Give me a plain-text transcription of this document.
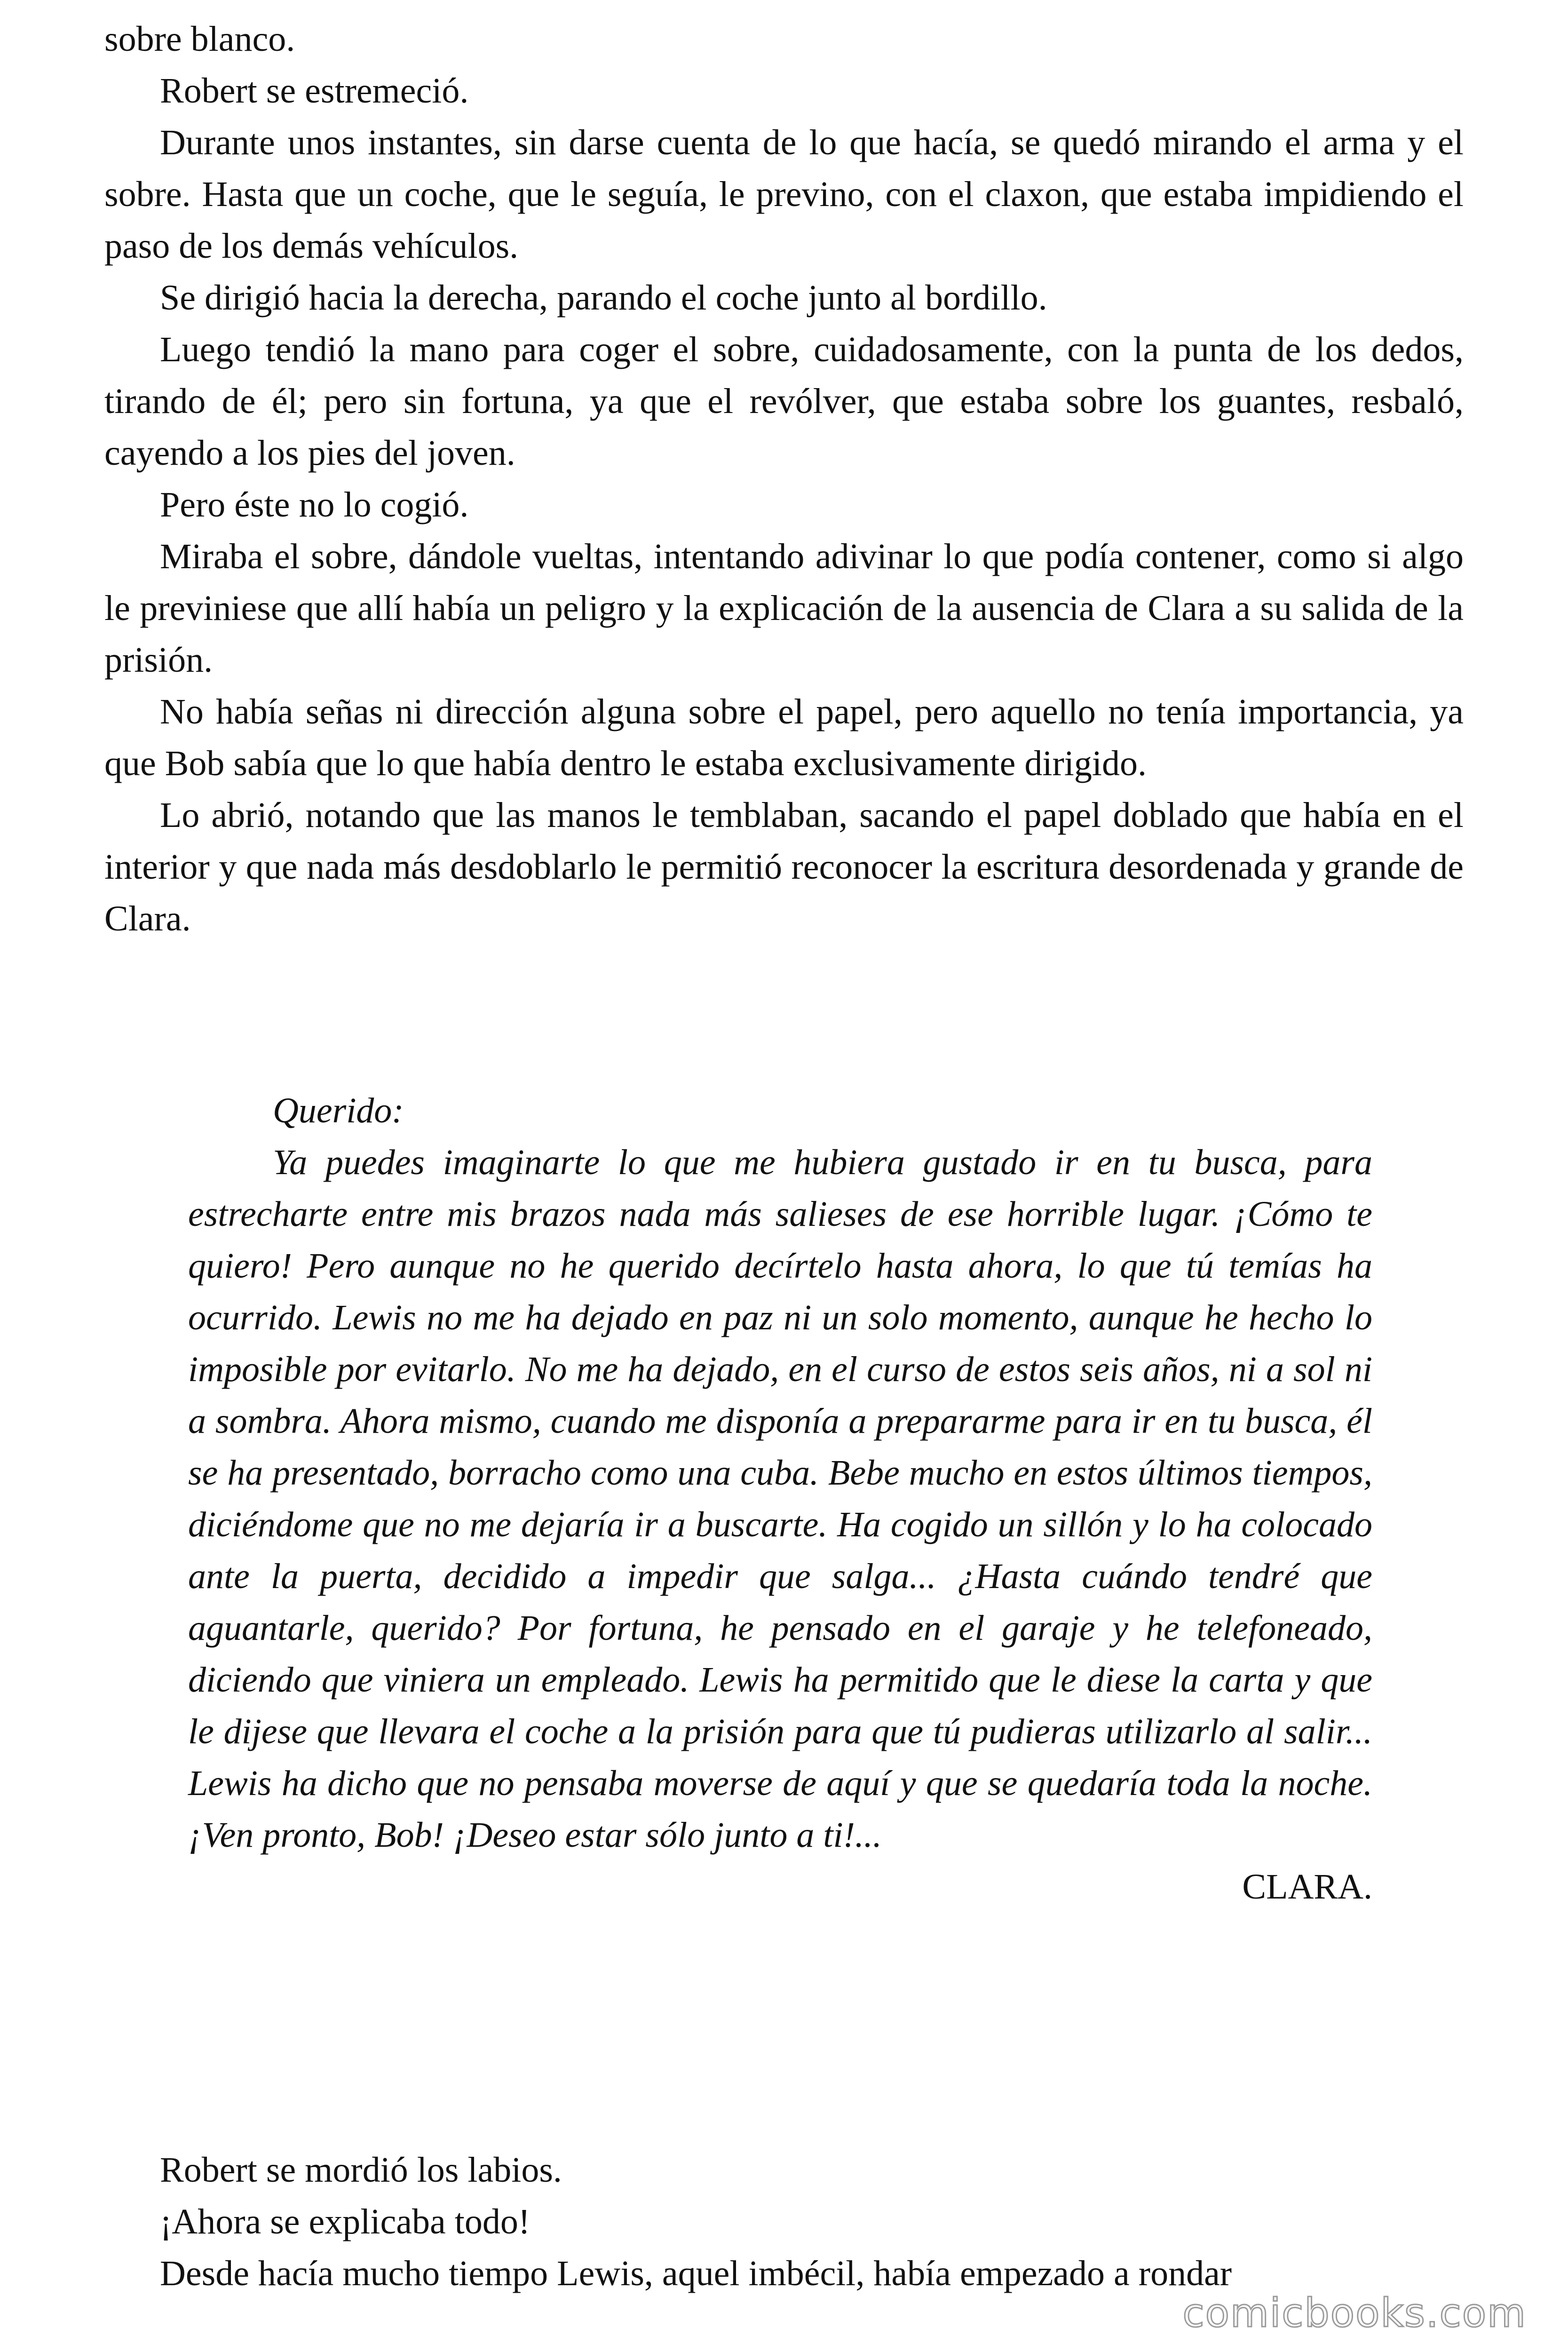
sobre blanco.

Robert se estremeció.

Durante unos instantes, sin darse cuenta de lo que hacía, se quedó mirando el arma y el sobre. Hasta que un coche, que le seguía, le previno, con el claxon, que estaba impidiendo el paso de los demás vehículos.

Se dirigió hacia la derecha, parando el coche junto al bordillo.

Luego tendió la mano para coger el sobre, cuidadosamente, con la punta de los dedos, tirando de él; pero sin fortuna, ya que el revólver, que estaba sobre los guantes, resbaló, cayendo a los pies del joven.

Pero éste no lo cogió.

Miraba el sobre, dándole vueltas, intentando adivinar lo que podía contener, como si algo le previniese que allí había un peligro y la explicación de la ausencia de Clara a su salida de la prisión.

No había señas ni dirección alguna sobre el papel, pero aquello no tenía importancia, ya que Bob sabía que lo que había dentro le estaba exclusivamente dirigido.

Lo abrió, notando que las manos le temblaban, sacando el papel doblado que había en el interior y que nada más desdoblarlo le permitió reconocer la escritura desordenada y grande de Clara.

Querido:

Ya puedes imaginarte lo que me hubiera gustado ir en tu busca, para estrecharte entre mis brazos nada más salieses de ese horrible lugar. ¡Cómo te quiero! Pero aunque no he querido decírtelo hasta ahora, lo que tú temías ha ocurrido. Lewis no me ha dejado en paz ni un solo momento, aunque he hecho lo imposible por evitarlo. No me ha dejado, en el curso de estos seis años, ni a sol ni a sombra. Ahora mismo, cuando me disponía a prepararme para ir en tu busca, él se ha presentado, borracho como una cuba. Bebe mucho en estos últimos tiempos, diciéndome que no me dejaría ir a buscarte. Ha cogido un sillón y lo ha colocado ante la puerta, decidido a impedir que salga... ¿Hasta cuándo tendré que aguantarle, querido? Por fortuna, he pensado en el garaje y he telefoneado, diciendo que viniera un empleado. Lewis ha permitido que le diese la carta y que le dijese que llevara el coche a la prisión para que tú pudieras utilizarlo al salir... Lewis ha dicho que no pensaba moverse de aquí y que se quedaría toda la noche. ¡Ven pronto, Bob! ¡Deseo estar sólo junto a ti!...

CLARA.

Robert se mordió los labios.

¡Ahora se explicaba todo!

Desde hacía mucho tiempo Lewis, aquel imbécil, había empezado a rondar

comicbooks.com
